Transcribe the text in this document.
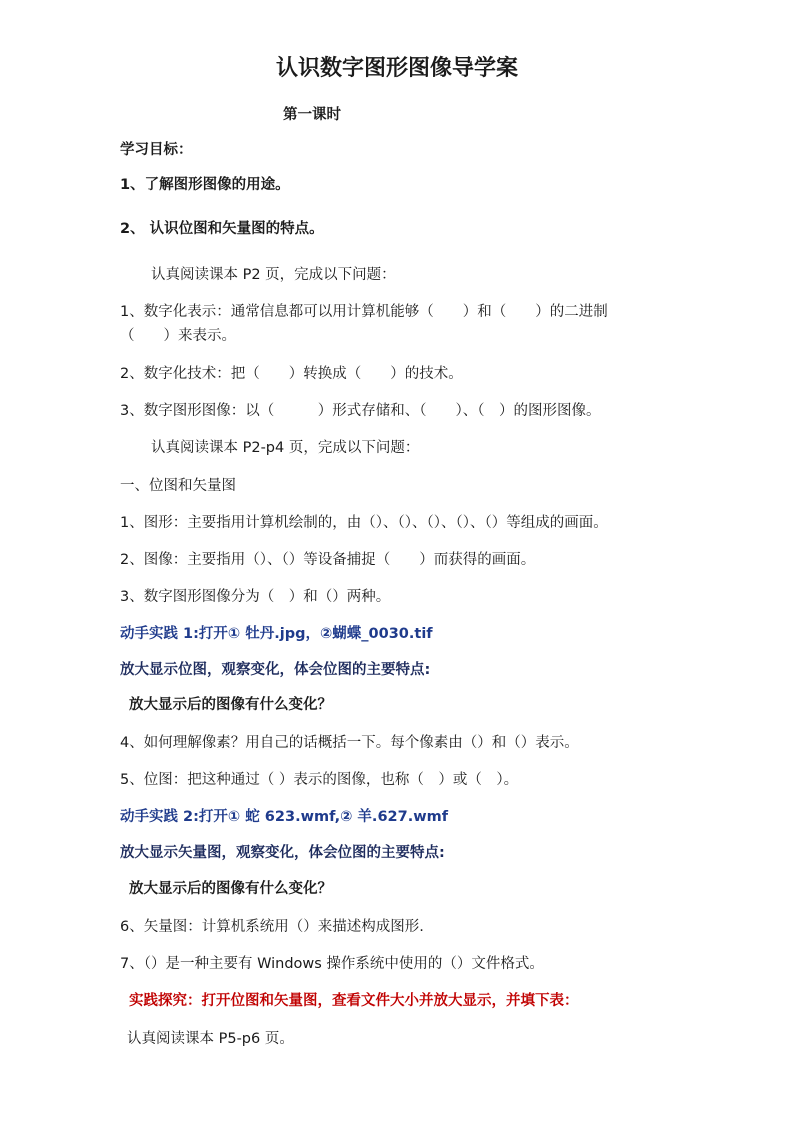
认识数字图形图像导学案
第一课时
学习目标：
1、了解图形图像的用途。
2、 认识位图和矢量图的特点。
认真阅读课本 P2 页，完成以下问题：
1、数字化表示：通常信息都可以用计算机能够（　　）和（　　）的二进制
（　　）来表示。
2、数字化技术：把（　　）转换成（　　）的技术。
3、数字图形图像：以（　　　）形式存储和、（　　）、（　）的图形图像。
认真阅读课本 P2-p4 页，完成以下问题：
一、位图和矢量图
1、图形：主要指用计算机绘制的，由（）、（）、（）、（）、（）等组成的画面。
2、图像：主要指用（）、（）等设备捕捉（　　）而获得的画面。
3、数字图形图像分为（　）和（）两种。
动手实践 1:打开① 牡丹.jpg，②蝴蝶_0030.tif
放大显示位图，观察变化，体会位图的主要特点:
放大显示后的图像有什么变化？
4、如何理解像素？用自己的话概括一下。每个像素由（）和（）表示。
5、位图：把这种通过（ ）表示的图像，也称（　）或（　）。
动手实践 2:打开① 蛇 623.wmf,② 羊.627.wmf
放大显示矢量图，观察变化，体会位图的主要特点:
放大显示后的图像有什么变化？
6、矢量图：计算机系统用（）来描述构成图形.
7、（）是一种主要有 Windows 操作系统中使用的（）文件格式。
实践探究：打开位图和矢量图，查看文件大小并放大显示，并填下表：
认真阅读课本 P5-p6 页。
